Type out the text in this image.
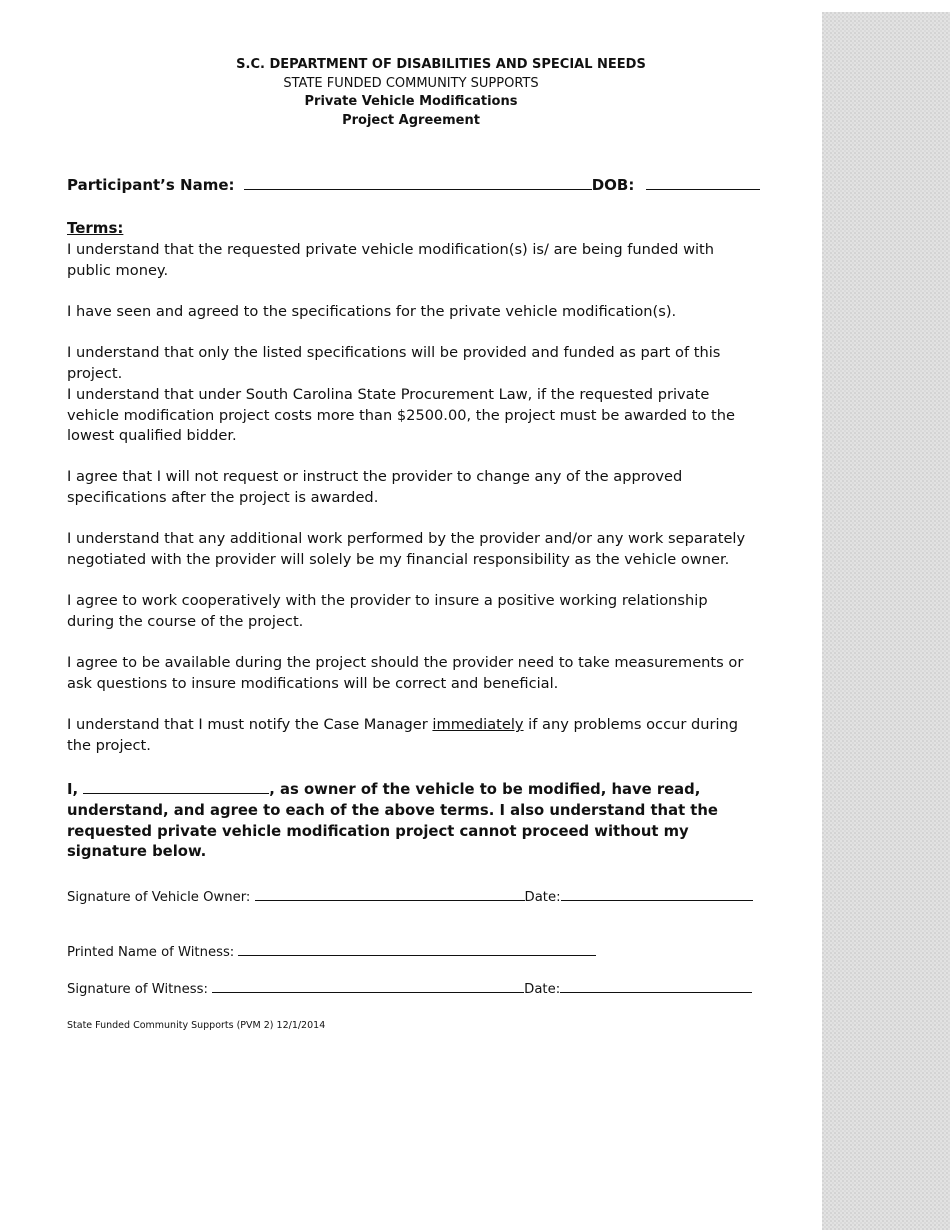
S.C. DEPARTMENT OF DISABILITIES AND SPECIAL NEEDS
STATE FUNDED COMMUNITY SUPPORTS
Private Vehicle Modifications
Project Agreement
Participant’s Name:	DOB:
Terms:

I understand that the requested private vehicle modification(s) is/ are being funded with public money.

I have seen and agreed to the specifications for the private vehicle modification(s).

I understand that only the listed specifications will be provided and funded as part of this project.

I understand that under South Carolina State Procurement Law, if the requested private vehicle modification project costs more than $2500.00, the project must be awarded to the lowest qualified bidder.

I agree that I will not request or instruct the provider to change any of the approved specifications after the project is awarded.

I understand that any additional work performed by the provider and/or any work separately negotiated with the provider will solely be my financial responsibility as the vehicle owner.

I agree to work cooperatively with the provider to insure a positive working relationship during the course of the project.

I agree to be available during the project should the provider need to take measurements or ask questions to insure modifications will be correct and beneficial.

I understand that I must notify the Case Manager immediately if any problems occur during the project.

I,	, as owner of the vehicle to be modified, have read, understand, and agree to each of the above terms. I also understand that the requested private vehicle modification project cannot proceed without my signature below.

Signature of Vehicle Owner:	Date:
Printed Name of Witness:
Signature of Witness:	Date:
State Funded Community Supports (PVM 2) 12/1/2014
